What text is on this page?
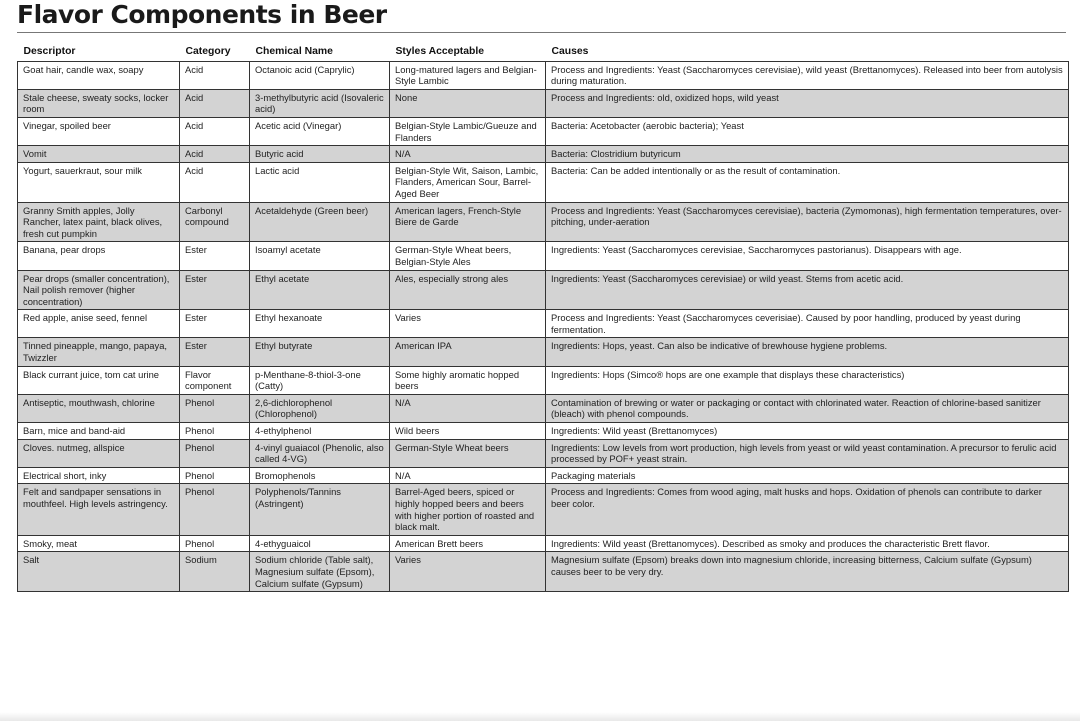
Flavor Components in Beer
Descriptor	Category	Chemical Name	Styles Acceptable	Causes
Goat hair, candle wax, soapy	Acid	Octanoic acid (Caprylic)	Long-matured lagers and Belgian-Style Lambic	Process and Ingredients: Yeast (Saccharomyces cerevisiae), wild yeast (Brettanomyces). Released into beer from autolysis during maturation.
Stale cheese, sweaty socks, locker room	Acid	3-methylbutyric acid (Isovaleric acid)	None	Process and Ingredients: old, oxidized hops, wild yeast
Vinegar, spoiled beer	Acid	Acetic acid (Vinegar)	Belgian-Style Lambic/Gueuze and Flanders	Bacteria: Acetobacter (aerobic bacteria); Yeast
Vomit	Acid	Butyric acid	N/A	Bacteria: Clostridium butyricum
Yogurt, sauerkraut, sour milk	Acid	Lactic acid	Belgian-Style Wit, Saison, Lambic, Flanders, American Sour, Barrel-Aged Beer	Bacteria: Can be added intentionally or as the result of contamination.
Granny Smith apples, Jolly Rancher, latex paint, black olives, fresh cut pumpkin	Carbonyl compound	Acetaldehyde (Green beer)	American lagers, French-Style Biere de Garde	Process and Ingredients: Yeast (Saccharomyces cerevisiae), bacteria (Zymomonas), high fermentation temperatures, over-pitching, under-aeration
Banana, pear drops	Ester	Isoamyl acetate	German-Style Wheat beers, Belgian-Style Ales	Ingredients: Yeast (Saccharomyces cerevisiae, Saccharomyces pastorianus). Disappears with age.
Pear drops (smaller concentration), Nail polish remover (higher concentration)	Ester	Ethyl acetate	Ales, especially strong ales	Ingredients: Yeast (Saccharomyces cerevisiae) or wild yeast. Stems from acetic acid.
Red apple, anise seed, fennel	Ester	Ethyl hexanoate	Varies	Process and Ingredients: Yeast (Saccharomyces ceverisiae). Caused by poor handling, produced by yeast during fermentation.
Tinned pineapple, mango, papaya, Twizzler	Ester	Ethyl butyrate	American IPA	Ingredients: Hops, yeast. Can also be indicative of brewhouse hygiene problems.
Black currant juice, tom cat urine	Flavor component	p-Menthane-8-thiol-3-one (Catty)	Some highly aromatic hopped beers	Ingredients: Hops (Simco® hops are one example that displays these characteristics)
Antiseptic, mouthwash, chlorine	Phenol	2,6-dichlorophenol (Chlorophenol)	N/A	Contamination of brewing or water or packaging or contact with chlorinated water. Reaction of chlorine-based sanitizer (bleach) with phenol compounds.
Barn, mice and band-aid	Phenol	4-ethylphenol	Wild beers	Ingredients: Wild yeast (Brettanomyces)
Cloves. nutmeg, allspice	Phenol	4-vinyl guaiacol (Phenolic, also called 4-VG)	German-Style Wheat beers	Ingredients: Low levels from wort production, high levels from yeast or wild yeast contamination. A precursor to ferulic acid processed by POF+ yeast strain.
Electrical short, inky	Phenol	Bromophenols	N/A	Packaging materials
Felt and sandpaper sensations in mouthfeel. High levels astringency.	Phenol	Polyphenols/Tannins (Astringent)	Barrel-Aged beers, spiced or highly hopped beers and beers with higher portion of roasted and black malt.	Process and Ingredients: Comes from wood aging, malt husks and hops. Oxidation of phenols can contribute to darker beer color.
Smoky, meat	Phenol	4-ethyguaicol	American Brett beers	Ingredients: Wild yeast (Brettanomyces). Described as smoky and produces the characteristic Brett flavor.
Salt	Sodium	Sodium chloride (Table salt), Magnesium sulfate (Epsom), Calcium sulfate (Gypsum)	Varies	Magnesium sulfate (Epsom) breaks down into magnesium chloride, increasing bitterness, Calcium sulfate (Gypsum) causes beer to be very dry.
